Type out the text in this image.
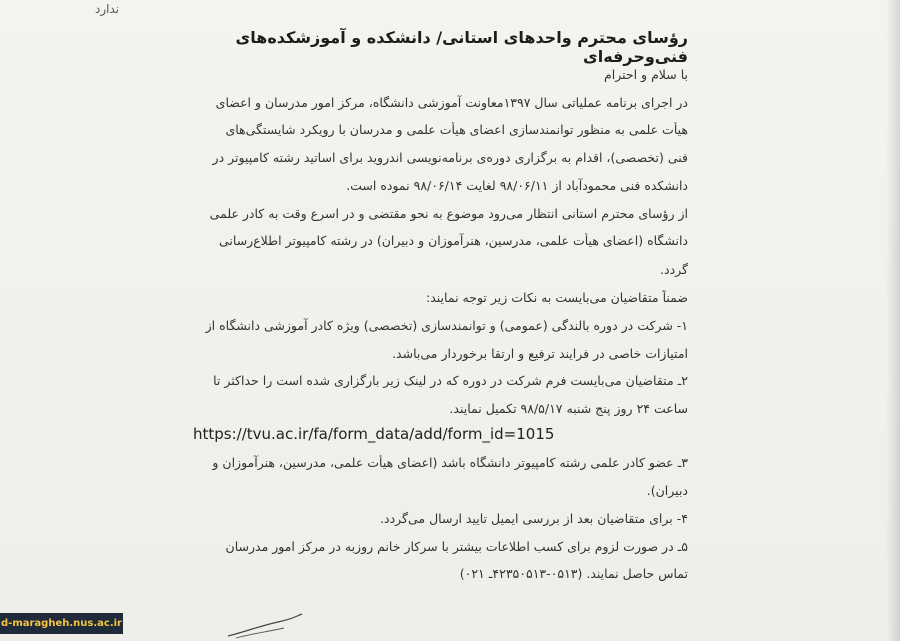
ندارد
رؤسای محترم واحدهای استانی/ دانشکده و آموزشکده‌های فنی‌وحرفه‌ای
با سلام و احترام
در اجرای برنامه عملیاتی سال ۱۳۹۷معاونت آموزشی دانشگاه، مرکز امور مدرسان و اعضای
هیأت علمی به منظور توانمندسازی اعضای هیأت علمی و مدرسان با رویکرد شایستگی‌های
فنی (تخصصی)، اقدام به برگزاری دوره‌ی برنامه‌نویسی اندروید برای اساتید رشته کامپیوتر در
دانشکده فنی محمودآباد از ۹۸/۰۶/۱۱ لغایت ۹۸/۰۶/۱۴ نموده است.
از رؤسای محترم استانی انتظار می‌رود موضوع به نحو مقتضی و در اسرع وقت به کادر علمی
دانشگاه (اعضای هیأت علمی، مدرسین، هنرآموزان و دبیران) در رشته کامپیوتر اطلاع‌رسانی
گردد.
ضمناً متقاضیان می‌بایست به نکات زیر توجه نمایند:
۱- شرکت در دوره بالندگی (عمومی) و توانمندسازی (تخصصی) ویژه کادر آموزشی دانشگاه از
امتیازات خاصی در فرایند ترفیع و ارتقا برخوردار می‌باشد.
۲ـ متقاضیان می‌بایست فرم شرکت در دوره که در لینک زیر بارگزاری شده است را حداکثر تا
ساعت ۲۴ روز پنج شنبه ۹۸/۵/۱۷ تکمیل نمایند.
https://tvu.ac.ir/fa/form_data/add/form_id=1015
۳ـ عضو کادر علمی رشته کامپیوتر دانشگاه باشد (اعضای هیأت علمی، مدرسین، هنرآموزان و
دبیران).
۴- برای متقاضیان بعد از بررسی ایمیل تایید ارسال می‌گردد.
۵ـ در صورت لزوم برای کسب اطلاعات بیشتر با سرکار خانم روزبه در مرکز امور مدرسان
تماس حاصل نمایند. (۰۵۱۳-۴۲۳۵۰۵۱۳ـ ۰۲۱)
d-maragheh.nus.ac.ir
